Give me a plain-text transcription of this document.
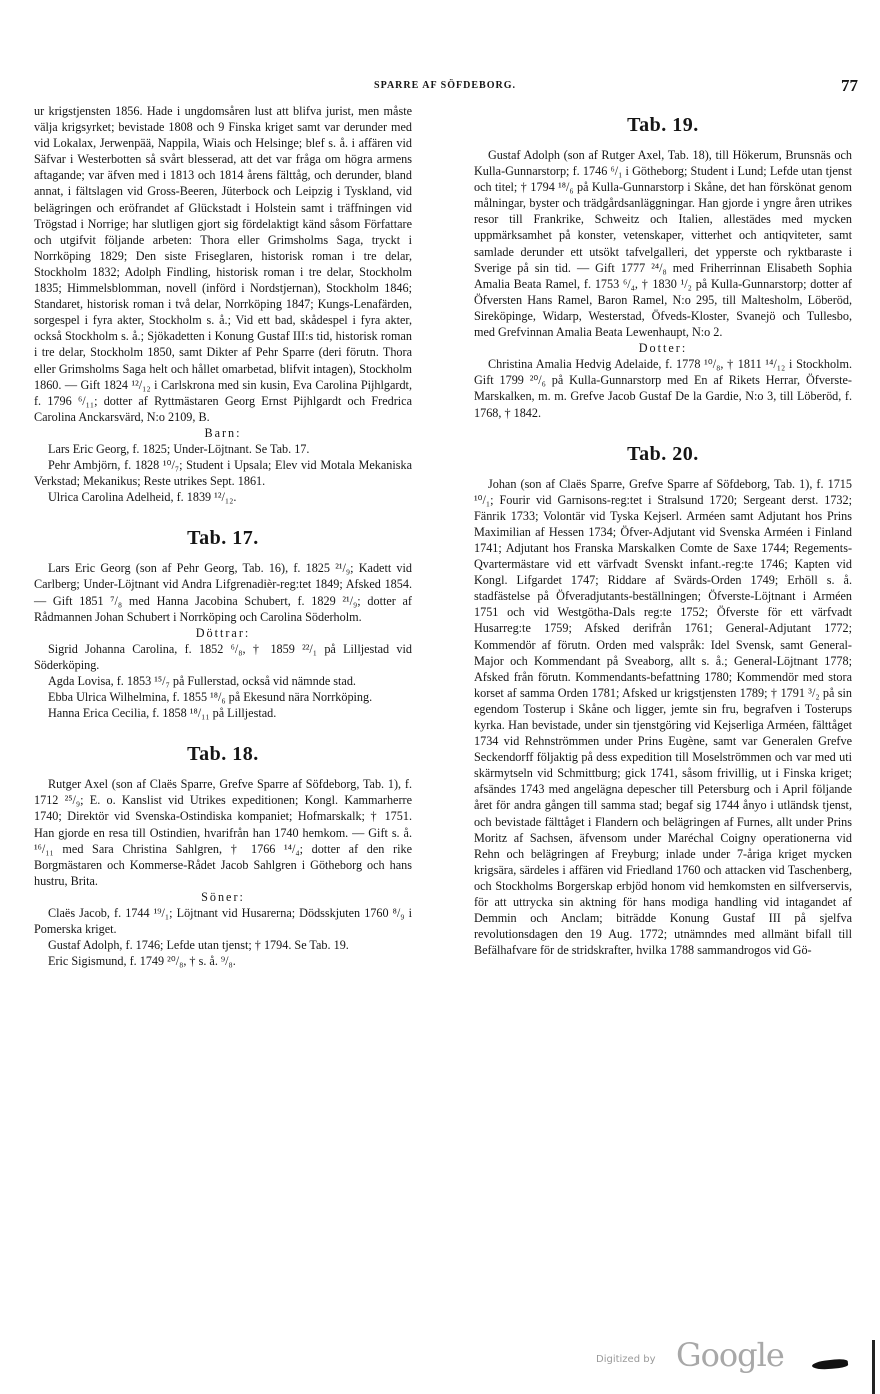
SPARRE AF SÖFDEBORG.	77

ur krigstjensten 1856. Hade i ungdomsåren lust att blifva jurist, men måste välja krigsyrket; bevistade 1808 och 9 Finska kriget samt var derunder med vid Lokalax, Jerwenpää, Nappila, Wiais och Helsinge; blef s. å. i affären vid Säfvar i Westerbotten så svårt blesserad, att det var fråga om högra armens aftagande; var äfven med i 1813 och 1814 årens fälttåg, och derunder, bland annat, i fältslagen vid Gross-Beeren, Jüterbock och Leipzig i Tyskland, vid belägringen och eröfrandet af Glückstadt i Holstein samt i träffningen vid Trögstad i Norrige; har slutligen gjort sig fördelaktigt känd såsom Författare och utgifvit följande arbeten: Thora eller Grimsholms Saga, tryckt i Norrköping 1829; Den siste Friseglaren, historisk roman i tre delar, Stockholm 1832; Adolph Findling, historisk roman i tre delar, Stockholm 1835; Himmelsblomman, novell (införd i Nordstjernan), Stockholm 1846; Standaret, historisk roman i två delar, Norrköping 1847; Kungs-Lenafärden, sorgespel i fyra akter, Stockholm s. å.; Vid ett bad, skådespel i fyra akter, också Stockholm s. å.; Sjökadetten i Konung Gustaf III:s tid, historisk roman i tre delar, Stockholm 1850, samt Dikter af Pehr Sparre (deri förutn. Thora eller Grimsholms Saga helt och hållet omarbetad, blifvit intagen), Stockholm 1860. — Gift 1824 ¹²/₁₂ i Carlskrona med sin kusin, Eva Carolina Pijhlgardt, f. 1796 ⁶/₁₁; dotter af Ryttmästaren Georg Ernst Pijhlgardt och Fredrica Carolina Anckarsvärd, N:o 2109, B.

Barn:

Lars Eric Georg, f. 1825; Under-Löjtnant. Se Tab. 17.

Pehr Ambjörn, f. 1828 ¹⁰/₇; Student i Upsala; Elev vid Motala Mekaniska Verkstad; Mekanikus; Reste utrikes Sept. 1861.

Ulrica Carolina Adelheid, f. 1839 ¹²/₁₂.

Tab. 17.

Lars Eric Georg (son af Pehr Georg, Tab. 16), f. 1825 ²¹/₉; Kadett vid Carlberg; Under-Löjtnant vid Andra Lifgrenadièr-reg:tet 1849; Afsked 1854. — Gift 1851 ⁷/₈ med Hanna Jacobina Schubert, f. 1829 ²¹/₉; dotter af Rådmannen Johan Schubert i Norrköping och Carolina Söderholm.

Döttrar:

Sigrid Johanna Carolina, f. 1852 ⁶/₈, † 1859 ²²/₁ på Lilljestad vid Söderköping.

Agda Lovisa, f. 1853 ¹⁵/₇ på Fullerstad, också vid nämnde stad.

Ebba Ulrica Wilhelmina, f. 1855 ¹⁸/₆ på Ekesund nära Norrköping.

Hanna Erica Cecilia, f. 1858 ¹⁸/₁₁ på Lilljestad.

Tab. 18.

Rutger Axel (son af Claës Sparre, Grefve Sparre af Söfdeborg, Tab. 1), f. 1712 ²⁵/₉; E. o. Kanslist vid Utrikes expeditionen; Kongl. Kammarherre 1740; Direktör vid Svenska-Ostindiska kompaniet; Hofmarskalk; † 1751. Han gjorde en resa till Ostindien, hvarifrån han 1740 hemkom. — Gift s. å. ¹⁶/₁₁ med Sara Christina Sahlgren, † 1766 ¹⁴/₄; dotter af den rike Borgmästaren och Kommerse-Rådet Jacob Sahlgren i Götheborg och hans hustru, Brita.

Söner:

Claës Jacob, f. 1744 ¹⁹/₁; Löjtnant vid Husarerna; Dödsskjuten 1760 ⁸/₉ i Pomerska kriget.

Gustaf Adolph, f. 1746; Lefde utan tjenst; † 1794. Se Tab. 19.

Eric Sigismund, f. 1749 ²⁰/₈, † s. å. ⁹/₈.

Tab. 19.

Gustaf Adolph (son af Rutger Axel, Tab. 18), till Hökerum, Brunsnäs och Kulla-Gunnarstorp; f. 1746 ⁶/₁ i Götheborg; Student i Lund; Lefde utan tjenst och titel; † 1794 ¹⁸/₆ på Kulla-Gunnarstorp i Skåne, det han förskönat genom målningar, byster och trädgårdsanläggningar. Han gjorde i yngre åren utrikes resor till Frankrike, Schweitz och Italien, allestädes med mycken uppmärksamhet på konster, vetenskaper, vitterhet och antiqviteter, samt samlade derunder ett utsökt tafvelgalleri, det ypperste och ryktbaraste i Sverige på sin tid. — Gift 1777 ²⁴/₈ med Friherrinnan Elisabeth Sophia Amalia Beata Ramel, f. 1753 ⁶/₄, † 1830 ¹/₂ på Kulla-Gunnarstorp; dotter af Öfversten Hans Ramel, Baron Ramel, N:o 295, till Maltesholm, Löberöd, Sireköpinge, Widarp, Westerstad, Öfveds-Kloster, Svanejö och Tullesbo, med Grefvinnan Amalia Beata Lewenhaupt, N:o 2.

Dotter:

Christina Amalia Hedvig Adelaide, f. 1778 ¹⁰/₈, † 1811 ¹⁴/₁₂ i Stockholm. Gift 1799 ²⁰/₆ på Kulla-Gunnarstorp med En af Rikets Herrar, Öfverste-Marskalken, m. m. Grefve Jacob Gustaf De la Gardie, N:o 3, till Löberöd, f. 1768, † 1842.

Tab. 20.

Johan (son af Claës Sparre, Grefve Sparre af Söfdeborg, Tab. 1), f. 1715 ¹⁰/₁; Fourir vid Garnisons-reg:tet i Stralsund 1720; Sergeant derst. 1732; Fänrik 1733; Volontär vid Tyska Kejserl. Arméen samt Adjutant hos Prins Maximilian af Hessen 1734; Öfver-Adjutant vid Svenska Arméen i Finland 1741; Adjutant hos Franska Marskalken Comte de Saxe 1744; Regements-Qvartermästare vid ett värfvadt Svenskt infant.-reg:te 1746; Kapten vid Kongl. Lifgardet 1747; Riddare af Svärds-Orden 1749; Erhöll s. å. stadfästelse på Öfveradjutants-beställningen; Öfverste-Löjtnant i Arméen 1751 och vid Westgötha-Dals reg:te 1752; Öfverste för ett värfvadt Husarreg:te 1759; Afsked derifrån 1761; General-Adjutant 1772; Kommendör af förutn. Orden med valspråk: Idel Svensk, samt General-Major och Kommendant på Sveaborg, allt s. å.; General-Löjtnant 1778; Afsked från förutn. Kommendants-befattning 1780; Kommendör med stora korset af samma Orden 1781; Afsked ur krigstjensten 1789; † 1791 ³/₂ på sin egendom Tosterup i Skåne och ligger, jemte sin fru, begrafven i Tosterups kyrka. Han bevistade, under sin tjenstgöring vid Kejserliga Arméen, fälttåget 1734 vid Rehnströmmen under Prins Eugène, samt var Generalen Grefve Seckendorff följaktig på dess expedition till Moselströmmen och var med uti skärmytseln vid Schmittburg; gick 1741, såsom frivillig, ut i Finska kriget; afsändes 1743 med angelägna depescher till Petersburg och i April följande året för andra gången till samma stad; begaf sig 1744 ånyo i utländsk tjenst, och bevistade fälttåget i Flandern och belägringen af Furnes, allt under Prins Moritz af Sachsen, äfvensom under Maréchal Coigny operationerna vid Rehn och belägringen af Freyburg; inlade under 7-åriga kriget mycken krigsära, särdeles i affären vid Friedland 1760 och attacken vid Taschenberg, och Stockholms Borgerskap erbjöd honom vid hemkomsten en silfverservis, för att uttrycka sin aktning för hans modiga handling vid intagandet af Demmin och Anclam; biträdde Konung Gustaf III på sjelfva revolutionsdagen den 19 Aug. 1772; utnämndes med allmänt bifall till Befälhafvare för de stridskrafter, hvilka 1788 sammandrogos vid Gö-

Digitized by Google
